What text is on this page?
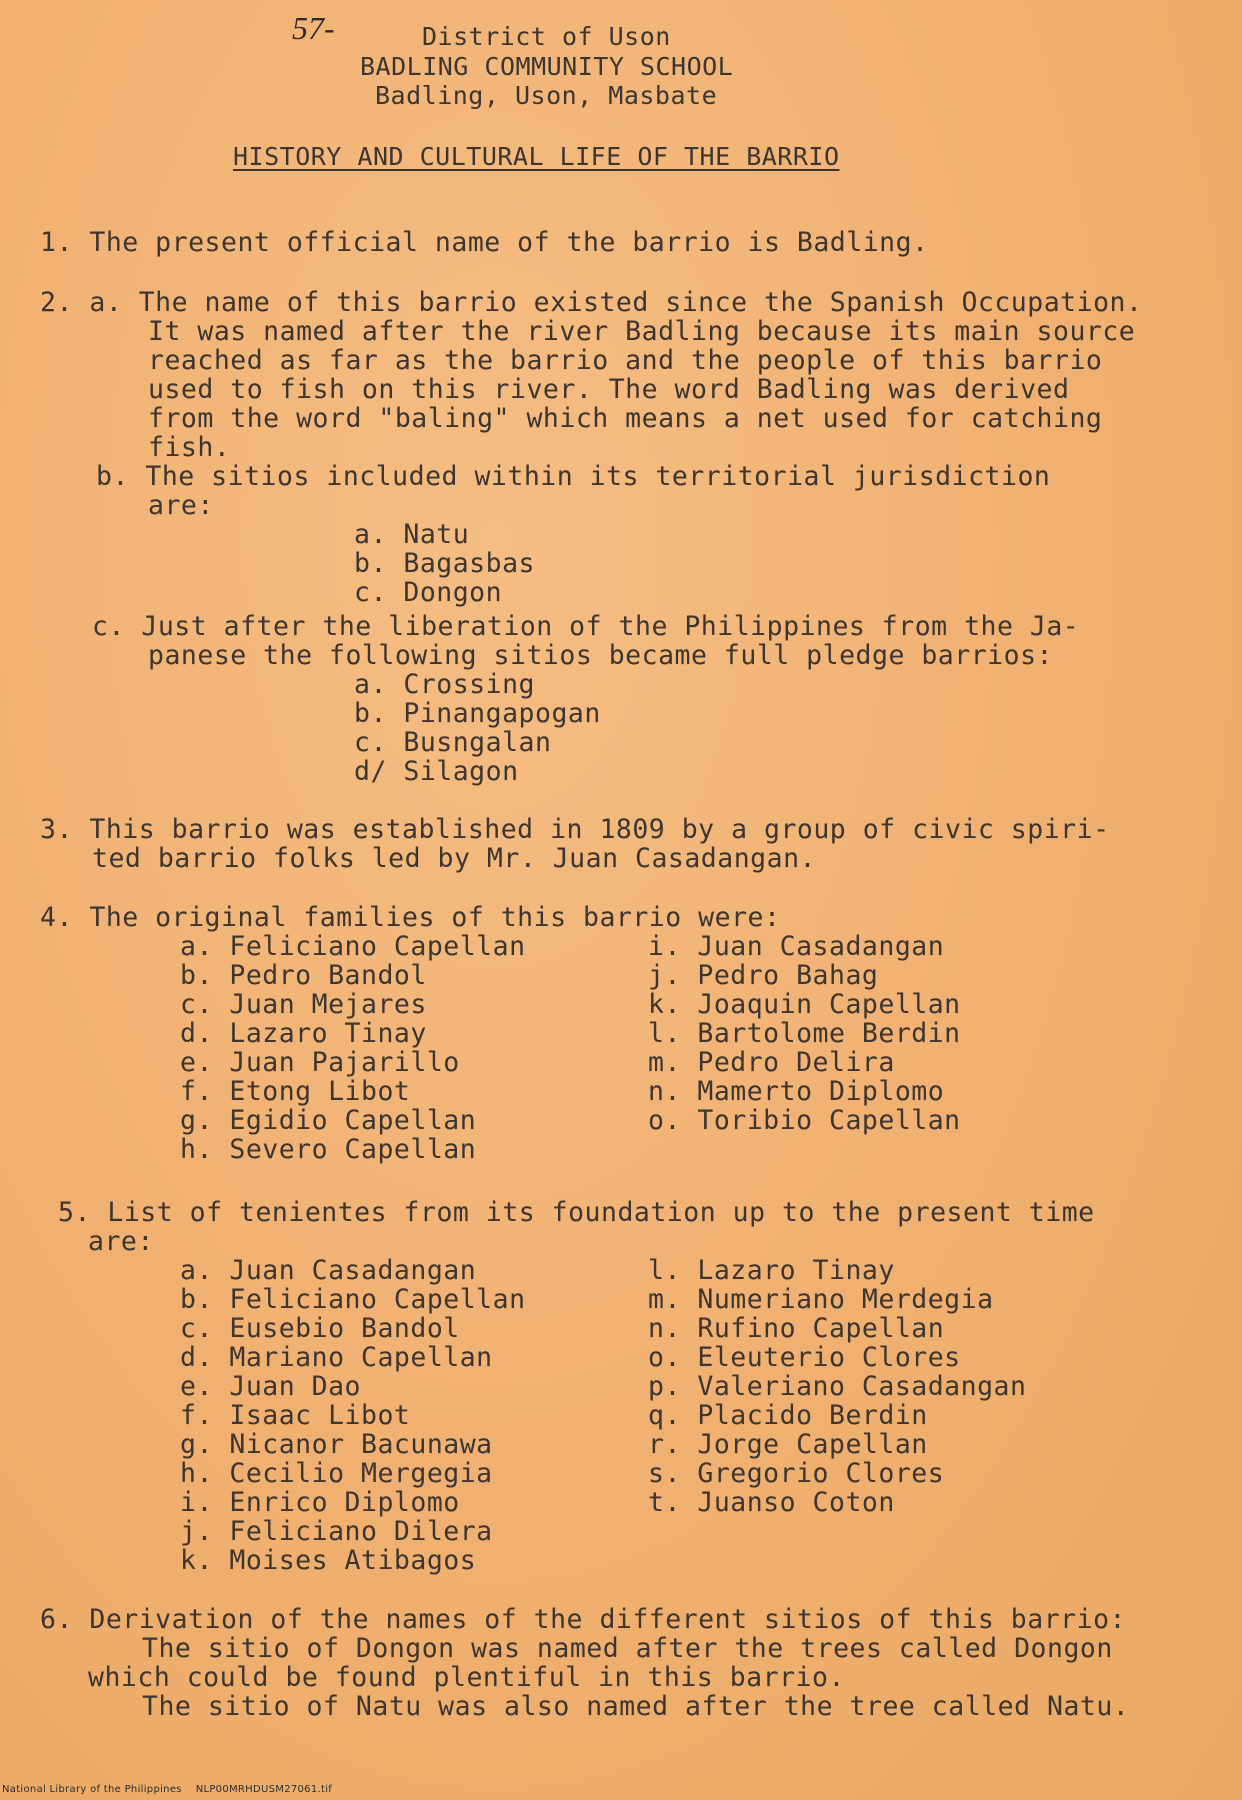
57-	District of Uson
BADLING COMMUNITY SCHOOL
Badling, Uson, Masbate
HISTORY AND CULTURAL LIFE OF THE BARRIO
1. The present official name of the barrio is Badling.
2. a. The name of this barrio existed since the Spanish Occupation.
It was named after the river Badling because its main source
reached as far as the barrio and the people of this barrio
used to fish on this river. The word Badling was derived
from the word "baling" which means a net used for catching
fish.
b. The sitios included within its territorial jurisdiction
are:
a. Natu
b. Bagasbas
c. Dongon
c. Just after the liberation of the Philippines from the Ja-
panese the following sitios became full pledge barrios:
a. Crossing
b. Pinangapogan
c. Busngalan
d/ Silagon
3. This barrio was established in 1809 by a group of civic spiri-
ted barrio folks led by Mr. Juan Casadangan.
4. The original families of this barrio were:
a. Feliciano Capellan
b. Pedro Bandol
c. Juan Mejares
d. Lazaro Tinay
e. Juan Pajarillo
f. Etong Libot
g. Egidio Capellan
h. Severo Capellan
i. Juan Casadangan
j. Pedro Bahag
k. Joaquin Capellan
l. Bartolome Berdin
m. Pedro Delira
n. Mamerto Diplomo
o. Toribio Capellan
5. List of tenientes from its foundation up to the present time
are:
a. Juan Casadangan
b. Feliciano Capellan
c. Eusebio Bandol
d. Mariano Capellan
e. Juan Dao
f. Isaac Libot
g. Nicanor Bacunawa
h. Cecilio Mergegia
i. Enrico Diplomo
j. Feliciano Dilera
k. Moises Atibagos
l. Lazaro Tinay
m. Numeriano Merdegia
n. Rufino Capellan
o. Eleuterio Clores
p. Valeriano Casadangan
q. Placido Berdin
r. Jorge Capellan
s. Gregorio Clores
t. Juanso Coton
6. Derivation of the names of the different sitios of this barrio:
The sitio of Dongon was named after the trees called Dongon
which could be found plentiful in this barrio.
The sitio of Natu was also named after the tree called Natu.
National Library of the Philippines    NLP00MRHDUSM27061.tif
